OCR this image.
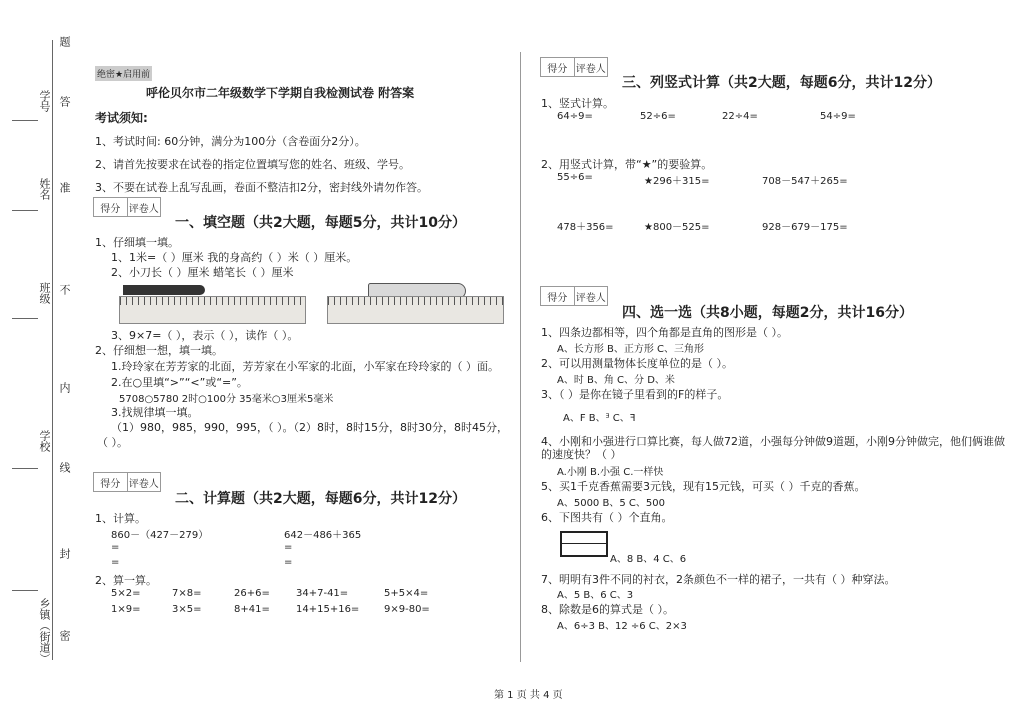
学号
姓名
班级
学校
乡镇（街道）
题
答
准
不
内
线
封
密
绝密★启用前
呼伦贝尔市二年级数学下学期自我检测试卷 附答案
考试须知:
1、考试时间: 60分钟，满分为100分（含卷面分2分）。
2、请首先按要求在试卷的指定位置填写您的姓名、班级、学号。
3、不要在试卷上乱写乱画，卷面不整洁扣2分，密封线外请勿作答。
得分 评卷人
一、填空题（共2大题，每题5分，共计10分）
1、仔细填一填。
1、1米=（ ）厘米 我的身高约（ ）米（ ）厘米。
2、小刀长（ ）厘米 蜡笔长（ ）厘米
3、9×7=（ ），表示（ ），读作（ ）。
2、仔细想一想，填一填。
1.玲玲家在芳芳家的北面，芳芳家在小军家的北面，小军家在玲玲家的（ ）面。
2.在○里填“>”“<”或“=”。
5708○5780 2时○100分 35毫米○3厘米5毫米
3.找规律填一填。
（1）980，985，990，995，（ ）。（2）8时，8时15分，8时30分，8时45分，
（ ）。
得分 评卷人
二、计算题（共2大题，每题6分，共计12分）
1、计算。
860－（427－279）	642－486＋365
=	=
=	=
2、算一算。
5×2=	7×8=	26+6=	34+7-41=	5+5×4=
1×9=	3×5=	8+41=	14+15+16= 9×9-80=
得分 评卷人
三、列竖式计算（共2大题，每题6分，共计12分）
1、竖式计算。
64÷9=	52÷6=	22÷4=	54÷9=
2、用竖式计算，带“★”的要验算。
55÷6=	★296＋315=	708－547＋265=
478＋356=	★800－525=	928－679－175=
得分 评卷人
四、选一选（共8小题，每题2分，共计16分）
1、四条边都相等，四个角都是直角的图形是（ ）。
A、长方形 B、正方形 C、三角形
2、可以用测量物体长度单位的是（ ）。
A、时 B、角 C、分 D、米
3、（ ）是你在镜子里看到的F的样子。
A、F B、ᴲ C、ꟻ
4、小刚和小强进行口算比赛，每人做72道，小强每分钟做9道题，小刚9分钟做完，他们俩谁做
的速度快？（ ）
A.小刚 B.小强 C.一样快
5、买1千克香蕉需要3元钱，现有15元钱，可买（ ）千克的香蕉。
A、5000 B、5 C、500
6、下图共有（ ）个直角。
A、8 B、4 C、6
7、明明有3件不同的衬衣，2条颜色不一样的裙子，一共有（ ）种穿法。
A、5 B、6 C、3
8、除数是6的算式是（ ）。
A、6÷3 B、12 ÷6 C、2×3
第 1 页 共 4 页
